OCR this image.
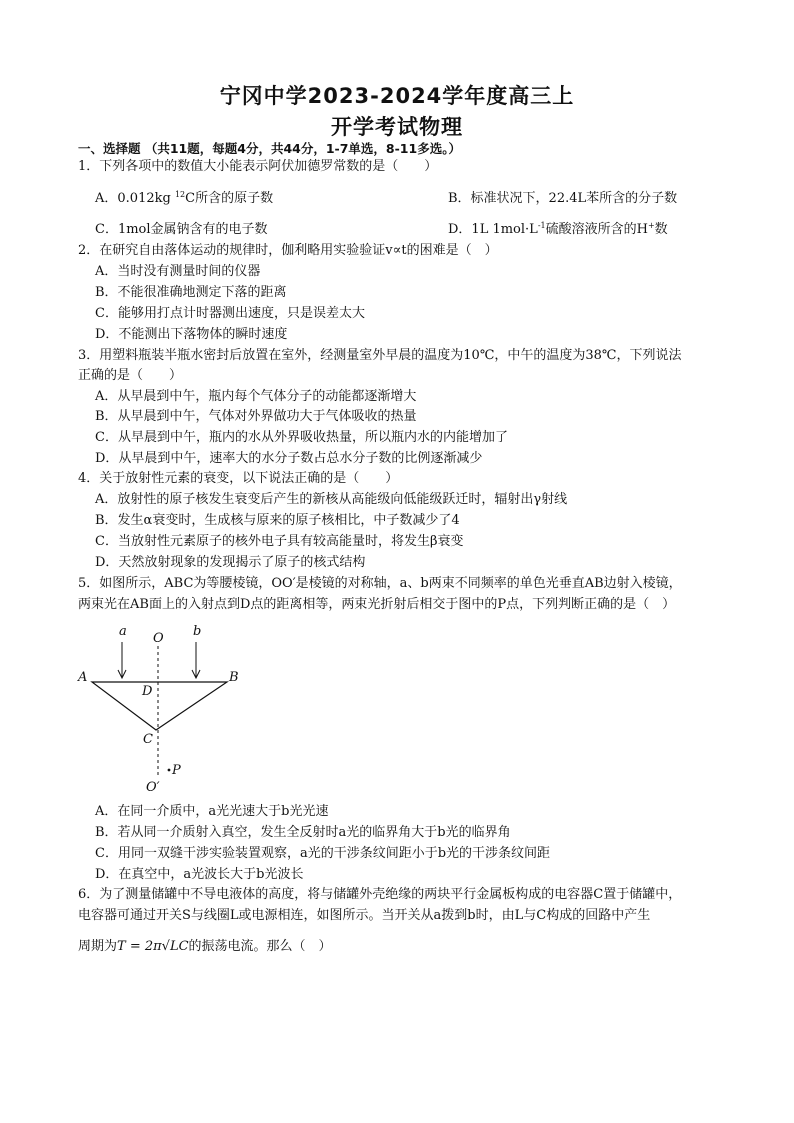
宁冈中学2023-2024学年度高三上
开学考试物理
一、选择题 （共11题，每题4分，共44分，1-7单选，8-11多选。）
1．下列各项中的数值大小能表示阿伏加德罗常数的是（　　）
A．0.012kg $^{12}$C所含的原子数	B．标准状况下，22.4L苯所含的分子数
C．1mol金属钠含有的电子数	D．1L $1mol\cdot L^{-1}$硫酸溶液所含的H+数
2．在研究自由落体运动的规律时，伽利略用实验验证v∝t的困难是（　）
A．当时没有测量时间的仪器
B．不能很准确地测定下落的距离
C．能够用打点计时器测出速度，只是误差太大
D．不能测出下落物体的瞬时速度
3．用塑料瓶装半瓶水密封后放置在室外，经测量室外早晨的温度为10℃，中午的温度为38℃，下列说法
正确的是（　　）
A．从早晨到中午，瓶内每个气体分子的动能都逐渐增大
B．从早晨到中午，气体对外界做功大于气体吸收的热量
C．从早晨到中午，瓶内的水从外界吸收热量，所以瓶内水的内能增加了
D．从早晨到中午，速率大的水分子数占总水分子数的比例逐渐减少
4．关于放射性元素的衰变，以下说法正确的是（　　）
A．放射性的原子核发生衰变后产生的新核从高能级向低能级跃迁时，辐射出γ射线
B．发生α衰变时，生成核与原来的原子核相比，中子数减少了4
C．当放射性元素原子的核外电子具有较高能量时，将发生β衰变
D．天然放射现象的发现揭示了原子的核式结构
5．如图所示，ABC为等腰棱镜，OO′是棱镜的对称轴，a、b两束不同频率的单色光垂直AB边射入棱镜，
两束光在AB面上的入射点到D点的距离相等，两束光折射后相交于图中的P点，下列判断正确的是（　）
a O b
A	B
D
C
P
O′
A．在同一介质中，a光光速大于b光光速
B．若从同一介质射入真空，发生全反射时a光的临界角大于b光的临界角
C．用同一双缝干涉实验装置观察，a光的干涉条纹间距小于b光的干涉条纹间距
D．在真空中，a光波长大于b光波长
6．为了测量储罐中不导电液体的高度，将与储罐外壳绝缘的两块平行金属板构成的电容器C置于储罐中，
电容器可通过开关S与线圈L或电源相连，如图所示。当开关从a拨到b时，由L与C构成的回路中产生
周期为T = 2π√LC的振荡电流。那么（　）
